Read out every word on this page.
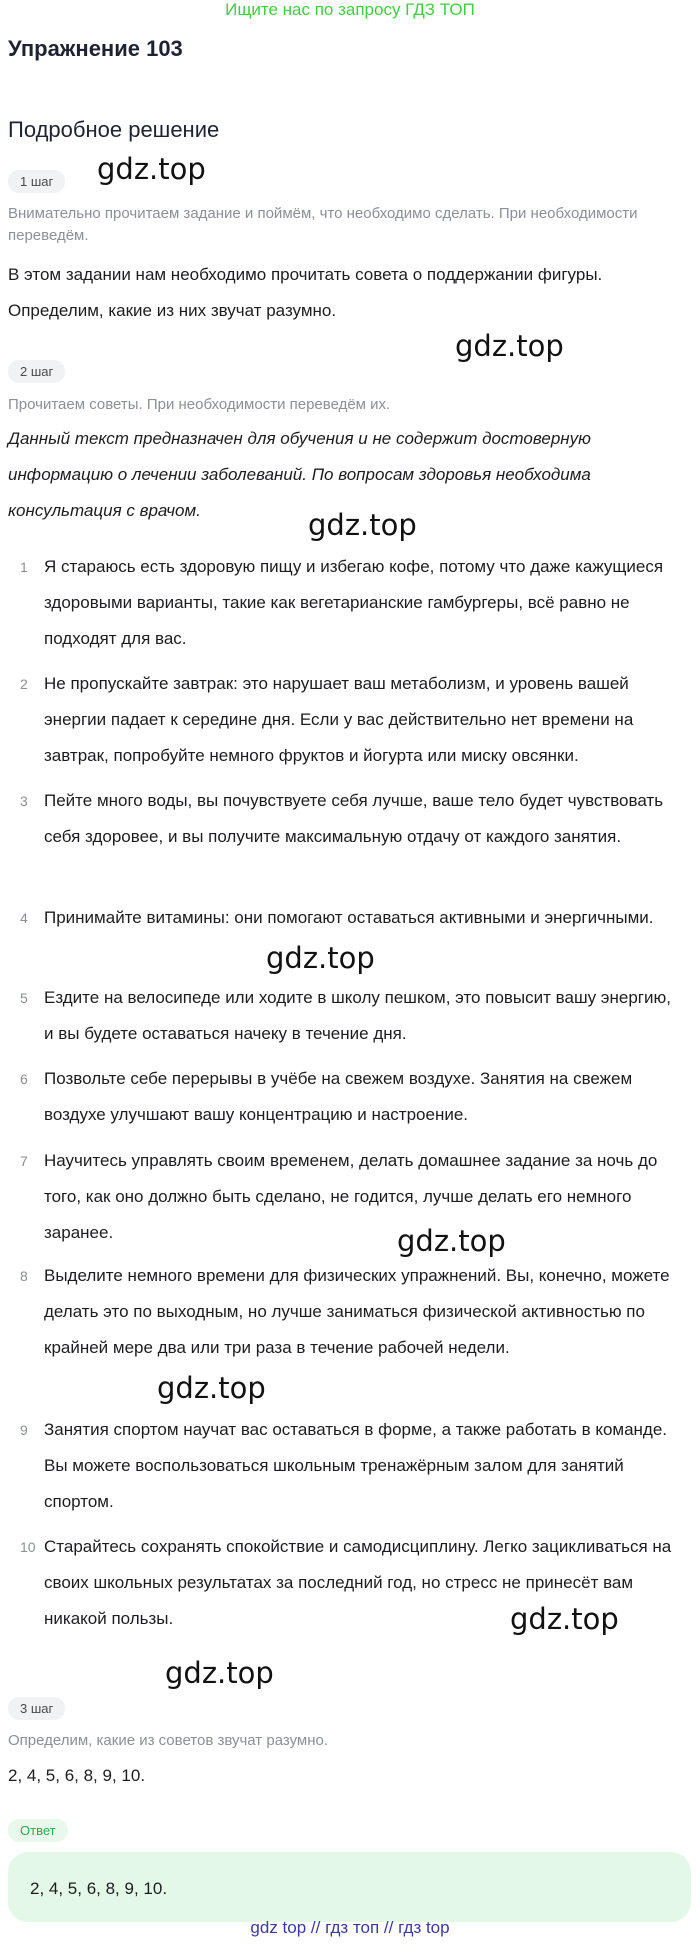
Ищите нас по запросу ГДЗ ТОП
Упражнение 103
Подробное решение
1 шаг	gdz.top
Внимательно прочитаем задание и поймём, что необходимо сделать. При необходимости переведём.
В этом задании нам необходимо прочитать совета о поддержании фигуры.
Определим, какие из них звучат разумно.
gdz.top
2 шаг
Прочитаем советы. При необходимости переведём их.
Данный текст предназначен для обучения и не содержит достоверную информацию о лечении заболеваний. По вопросам здоровья необходима консультация с врачом.	gdz.top
1 Я стараюсь есть здоровую пищу и избегаю кофе, потому что даже кажущиеся здоровыми варианты, такие как вегетарианские гамбургеры, всё равно не подходят для вас.
2 Не пропускайте завтрак: это нарушает ваш метаболизм, и уровень вашей энергии падает к середине дня. Если у вас действительно нет времени на завтрак, попробуйте немного фруктов и йогурта или миску овсянки.
3 Пейте много воды, вы почувствуете себя лучше, ваше тело будет чувствовать себя здоровее, и вы получите максимальную отдачу от каждого занятия.
4 Принимайте витамины: они помогают оставаться активными и энергичными.
gdz.top
5 Ездите на велосипеде или ходите в школу пешком, это повысит вашу энергию, и вы будете оставаться начеку в течение дня.
6 Позвольте себе перерывы в учёбе на свежем воздухе. Занятия на свежем воздухе улучшают вашу концентрацию и настроение.
7 Научитесь управлять своим временем, делать домашнее задание за ночь до того, как оно должно быть сделано, не годится, лучше делать его немного заранее.	gdz.top
8 Выделите немного времени для физических упражнений. Вы, конечно, можете делать это по выходным, но лучше заниматься физической активностью по крайней мере два или три раза в течение рабочей недели.
gdz.top
9 Занятия спортом научат вас оставаться в форме, а также работать в команде. Вы можете воспользоваться школьным тренажёрным залом для занятий спортом.
10 Старайтесь сохранять спокойствие и самодисциплину. Легко зацикливаться на своих школьных результатах за последний год, но стресс не принесёт вам никакой пользы.	gdz.top
gdz.top
3 шаг
Определим, какие из советов звучат разумно.
2, 4, 5, 6, 8, 9, 10.
Ответ
2, 4, 5, 6, 8, 9, 10.
gdz top // гдз топ // гдз top
